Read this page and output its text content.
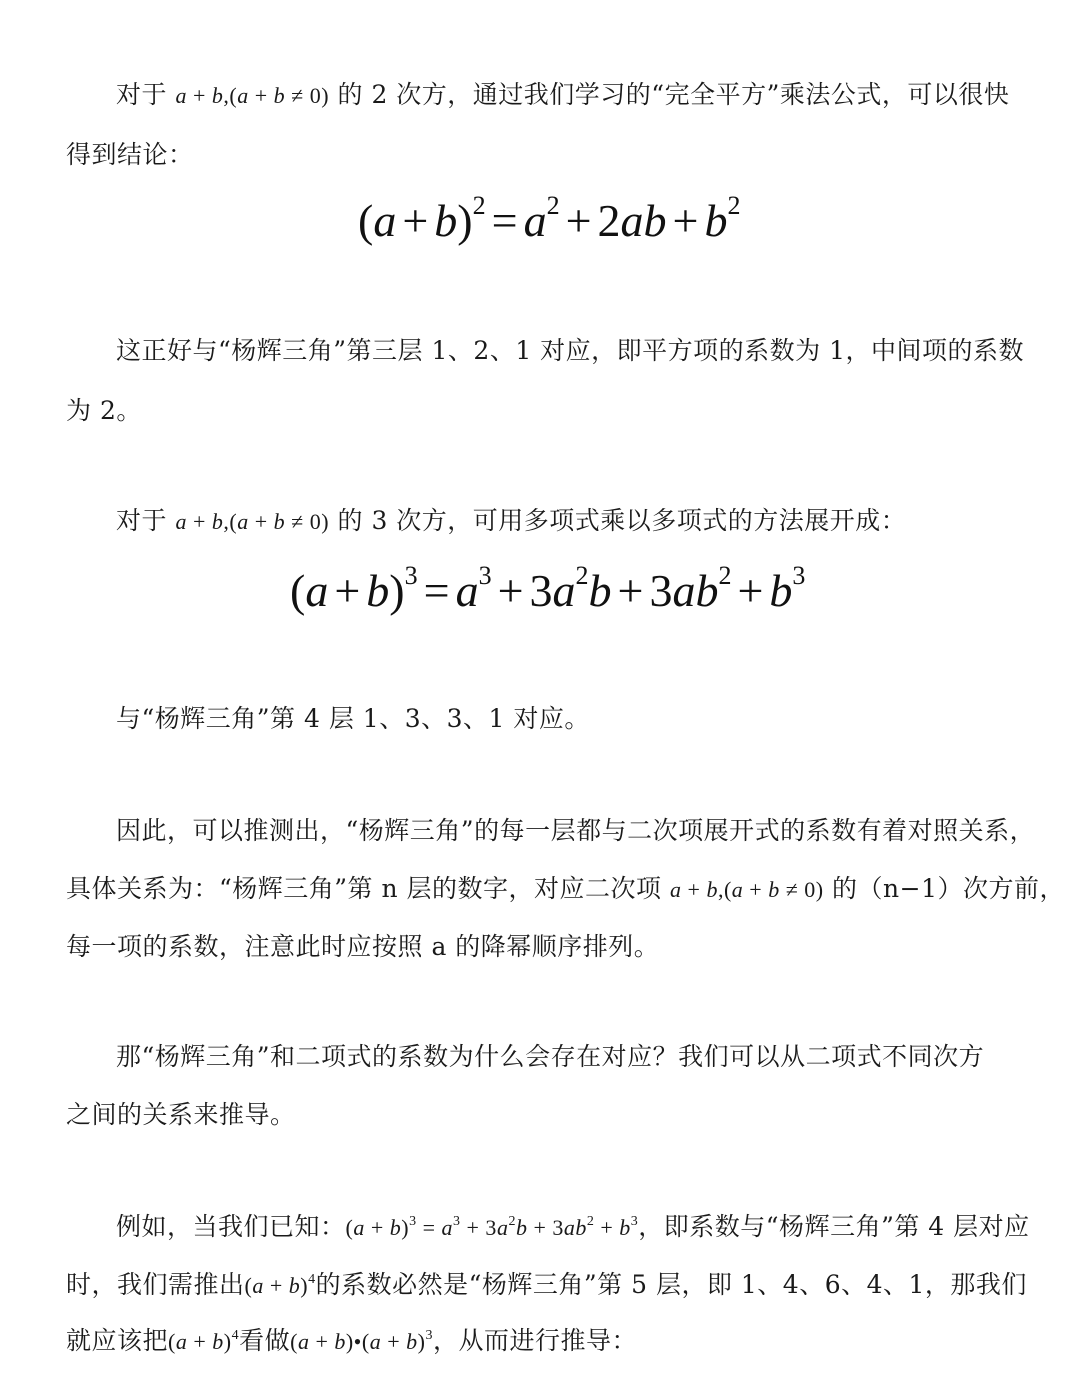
对于 a + b,(a + b ≠ 0) 的 2 次方，通过我们学习的“完全平方”乘法公式，可以很快
得到结论：
$(a + b)^2 = a^2 + 2ab + b^2$
这正好与“杨辉三角”第三层 1、2、1 对应，即平方项的系数为 1，中间项的系数
为 2。
对于 a + b,(a + b ≠ 0) 的 3 次方，可用多项式乘以多项式的方法展开成：
$(a + b)^3 = a^3 + 3a^2b + 3ab^2 + b^3$
与“杨辉三角”第 4 层 1、3、3、1 对应。
因此，可以推测出，“杨辉三角”的每一层都与二次项展开式的系数有着对照关系，
具体关系为：“杨辉三角”第 n 层的数字，对应二次项 a + b,(a + b ≠ 0) 的（n−1）次方前，
每一项的系数，注意此时应按照 a 的降幂顺序排列。
那“杨辉三角”和二项式的系数为什么会存在对应？我们可以从二项式不同次方
之间的关系来推导。
例如，当我们已知：$(a + b)^3 = a^3 + 3a^2b + 3ab^2 + b^3$，即系数与“杨辉三角”第 4 层对应
时，我们需推出$(a + b)^4$的系数必然是“杨辉三角”第 5 层，即 1、4、6、4、1，那我们
就应该把$(a + b)^4$看做(a + b)•(a + b)$^3$，从而进行推导：
